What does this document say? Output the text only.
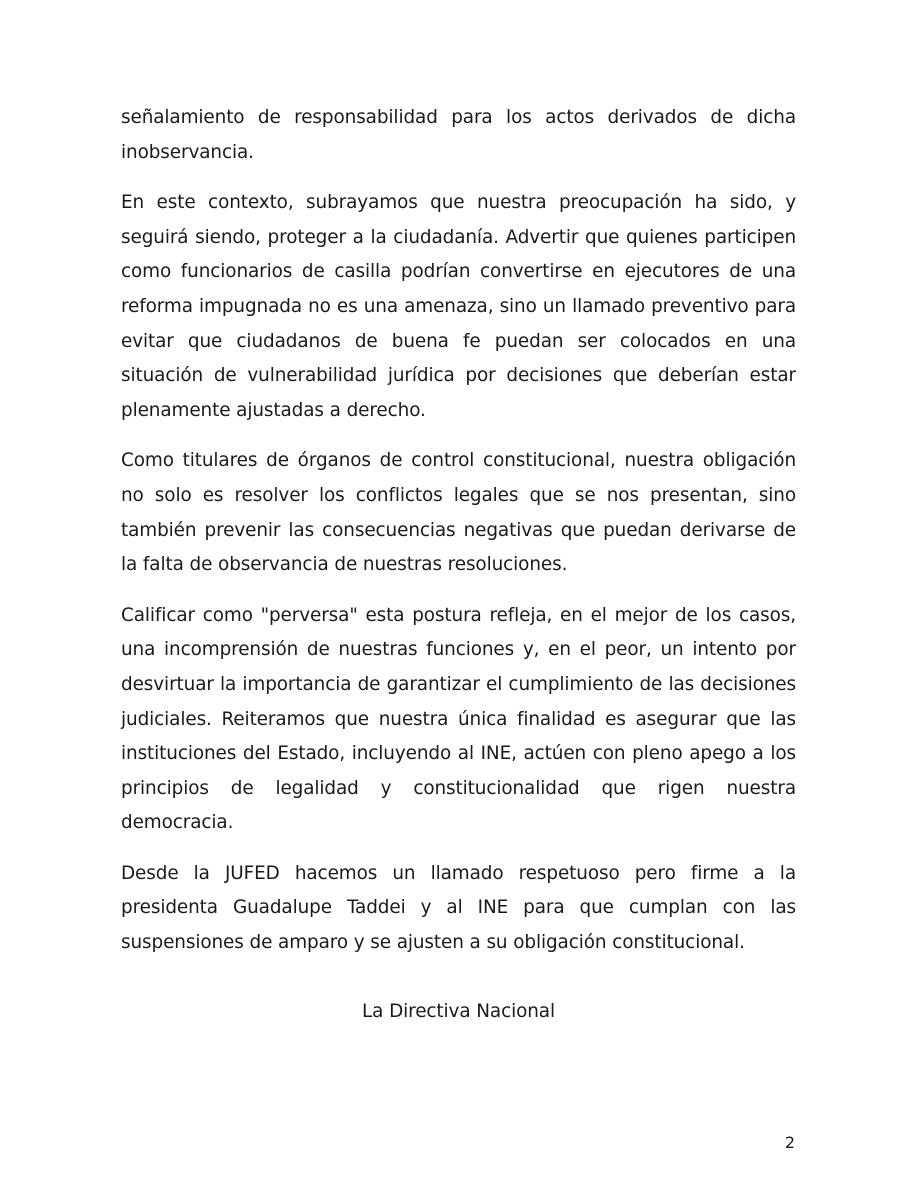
señalamiento de responsabilidad para los actos derivados de dicha inobservancia.

En este contexto, subrayamos que nuestra preocupación ha sido, y seguirá siendo, proteger a la ciudadanía. Advertir que quienes participen como funcionarios de casilla podrían convertirse en ejecutores de una reforma impugnada no es una amenaza, sino un llamado preventivo para evitar que ciudadanos de buena fe puedan ser colocados en una situación de vulnerabilidad jurídica por decisiones que deberían estar plenamente ajustadas a derecho.

Como titulares de órganos de control constitucional, nuestra obligación no solo es resolver los conflictos legales que se nos presentan, sino también prevenir las consecuencias negativas que puedan derivarse de la falta de observancia de nuestras resoluciones.

Calificar como "perversa" esta postura refleja, en el mejor de los casos, una incomprensión de nuestras funciones y, en el peor, un intento por desvirtuar la importancia de garantizar el cumplimiento de las decisiones judiciales. Reiteramos que nuestra única finalidad es asegurar que las instituciones del Estado, incluyendo al INE, actúen con pleno apego a los principios de legalidad y constitucionalidad que rigen nuestra democracia.

Desde la JUFED hacemos un llamado respetuoso pero firme a la presidenta Guadalupe Taddei y al INE para que cumplan con las suspensiones de amparo y se ajusten a su obligación constitucional.

La Directiva Nacional
2
